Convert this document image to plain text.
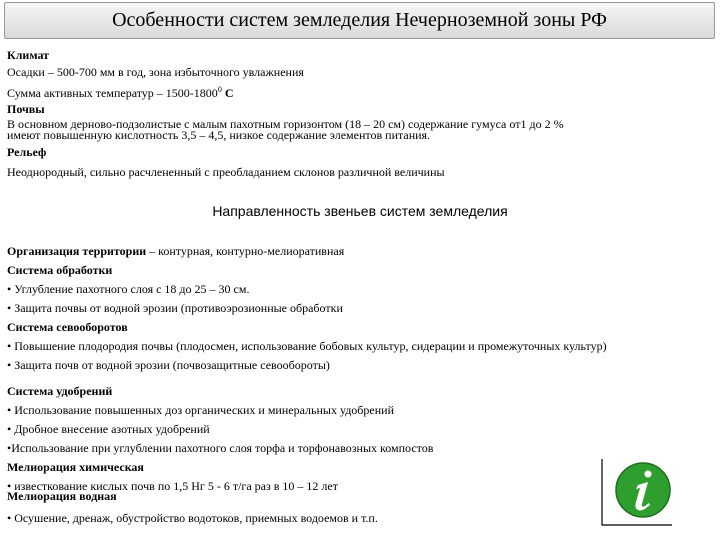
Особенности систем земледелия Нечерноземной зоны РФ
Климат
Осадки – 500-700 мм в год, зона избыточного увлажнения
Сумма активных температур – 1500-1800$^0$ С
Почвы
В основном дерново-подзолистые с малым пахотным горизонтом (18 – 20 см) содержание гумуса от1 до 2 %
имеют повышенную кислотность 3,5 – 4,5, низкое содержание элементов питания.
Рельеф
Неоднородный, сильно расчлененный с преобладанием склонов различной величины
Направленность звеньев систем земледелия
Организация территории – контурная, контурно-мелиоративная
Система обработки
• Углубление пахотного слоя с 18 до 25 – 30 см.
• Защита почвы от водной эрозии (противоэрозионные обработки
Система севооборотов
• Повышение плодородия почвы (плодосмен, использование бобовых культур, сидерации и промежуточных культур)
• Защита почв от водной эрозии (почвозащитные севообороты)
Система удобрений
• Использование повышенных доз органических и минеральных удобрений
• Дробное внесение азотных удобрений
•Использование при углублении пахотного слоя торфа и торфонавозных компостов
Мелиорация химическая
• известкование кислых почв по 1,5 Нг 5 - 6 т/га раз в 10 – 12 лет
Мелиорация водная
• Осушение, дренаж, обустройство водотоков, приемных водоемов и т.п.
